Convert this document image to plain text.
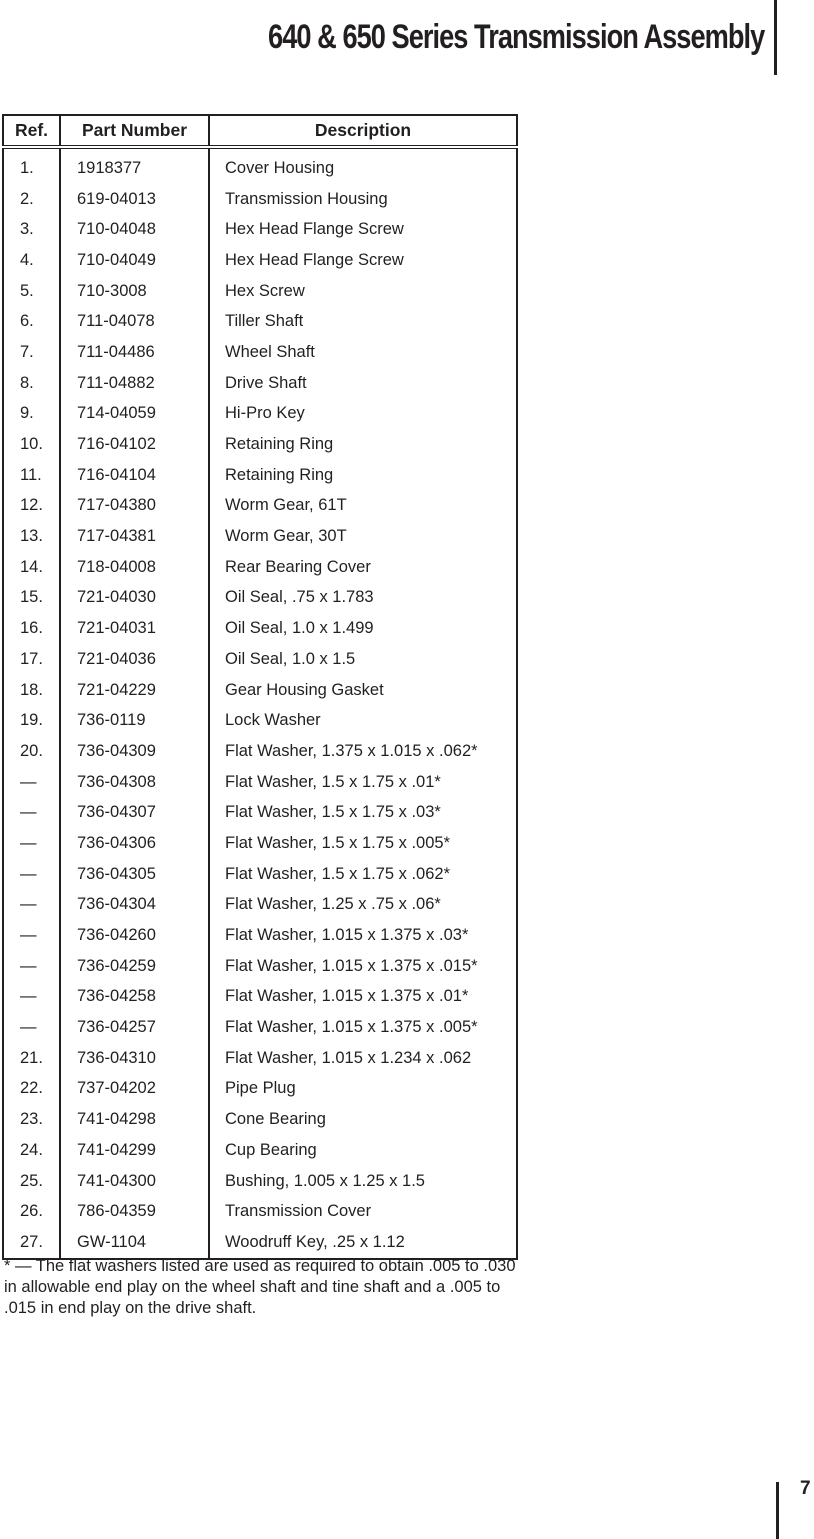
640 & 650 Series Transmission Assembly
Ref.	Part Number	Description
1.	1918377	Cover Housing
2.	619-04013	Transmission Housing
3.	710-04048	Hex Head Flange Screw
4.	710-04049	Hex Head Flange Screw
5.	710-3008	Hex Screw
6.	711-04078	Tiller Shaft
7.	711-04486	Wheel Shaft
8.	711-04882	Drive Shaft
9.	714-04059	Hi-Pro Key
10.	716-04102	Retaining Ring
11.	716-04104	Retaining Ring
12.	717-04380	Worm Gear, 61T
13.	717-04381	Worm Gear, 30T
14.	718-04008	Rear Bearing Cover
15.	721-04030	Oil Seal, .75 x 1.783
16.	721-04031	Oil Seal, 1.0 x 1.499
17.	721-04036	Oil Seal, 1.0 x 1.5
18.	721-04229	Gear Housing Gasket
19.	736-0119	Lock Washer
20.	736-04309	Flat Washer, 1.375 x 1.015 x .062*
—	736-04308	Flat Washer, 1.5 x 1.75 x .01*
—	736-04307	Flat Washer, 1.5 x 1.75 x .03*
—	736-04306	Flat Washer, 1.5 x 1.75 x .005*
—	736-04305	Flat Washer, 1.5 x 1.75 x .062*
—	736-04304	Flat Washer, 1.25 x .75 x .06*
—	736-04260	Flat Washer, 1.015 x 1.375 x .03*
—	736-04259	Flat Washer, 1.015 x 1.375 x .015*
—	736-04258	Flat Washer, 1.015 x 1.375 x .01*
—	736-04257	Flat Washer, 1.015 x 1.375 x .005*
21.	736-04310	Flat Washer, 1.015 x 1.234 x .062
22.	737-04202	Pipe Plug
23.	741-04298	Cone Bearing
24.	741-04299	Cup Bearing
25.	741-04300	Bushing, 1.005 x 1.25 x 1.5
26.	786-04359	Transmission Cover
27.	GW-1104	Woodruff Key, .25 x 1.12

* — The flat washers listed are used as required to obtain .005 to .030 in allowable end play on the wheel shaft and tine shaft and a .005 to .015 in end play on the drive shaft.

7
